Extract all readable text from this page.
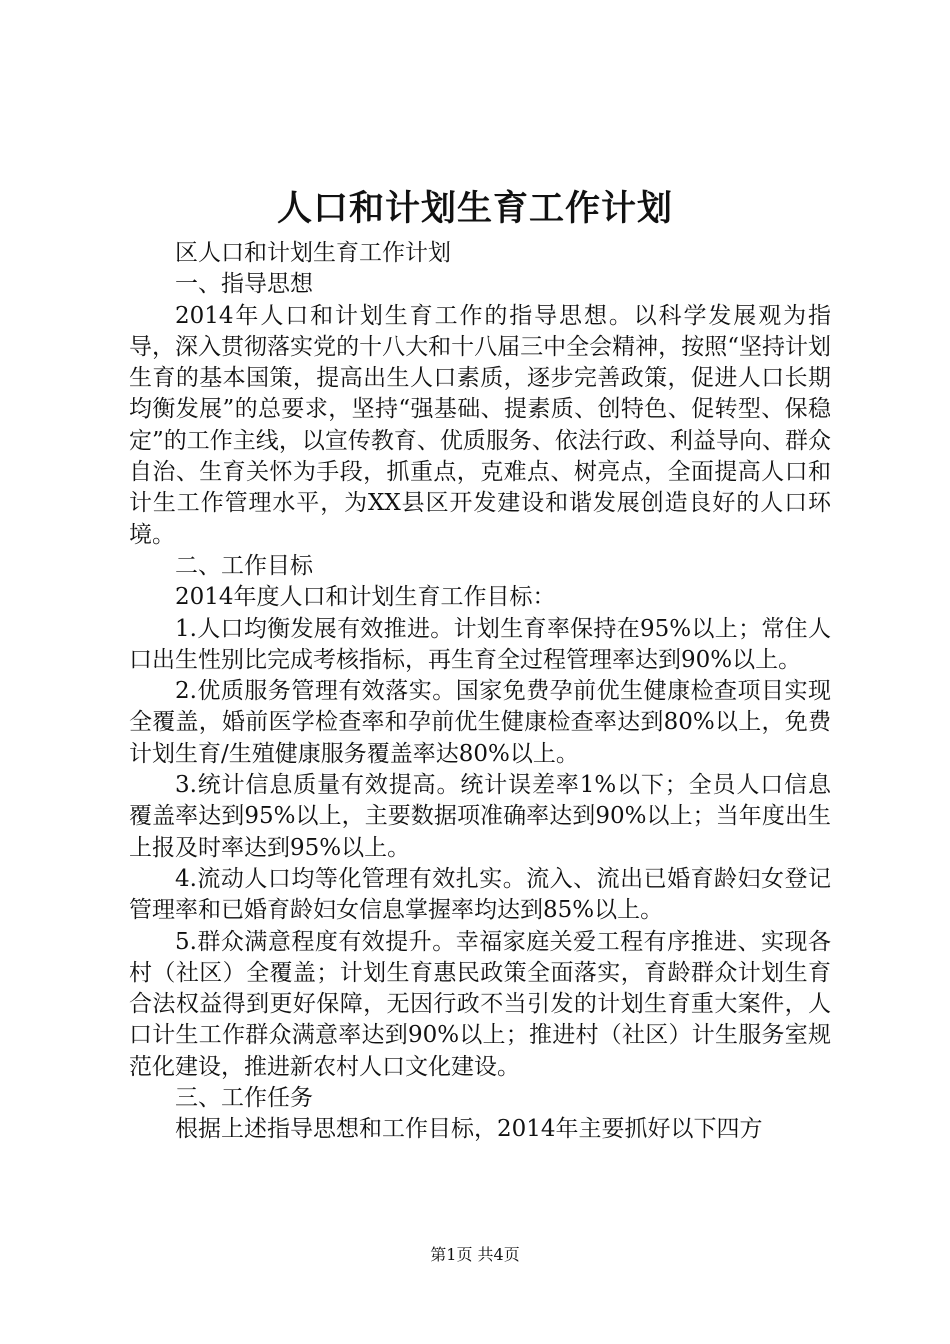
人口和计划生育工作计划

区人口和计划生育工作计划

一、指导思想

2014年人口和计划生育工作的指导思想。以科学发展观为指导，深入贯彻落实党的十八大和十八届三中全会精神，按照“坚持计划生育的基本国策，提高出生人口素质，逐步完善政策，促进人口长期均衡发展”的总要求，坚持“强基础、提素质、创特色、促转型、保稳定”的工作主线，以宣传教育、优质服务、依法行政、利益导向、群众自治、生育关怀为手段，抓重点，克难点、树亮点，全面提高人口和计生工作管理水平，为XX县区开发建设和谐发展创造良好的人口环境。

二、工作目标

2014年度人口和计划生育工作目标：

1.人口均衡发展有效推进。计划生育率保持在95%以上；常住人口出生性别比完成考核指标，再生育全过程管理率达到90%以上。

2.优质服务管理有效落实。国家免费孕前优生健康检查项目实现全覆盖，婚前医学检查率和孕前优生健康检查率达到80%以上，免费计划生育/生殖健康服务覆盖率达80%以上。

3.统计信息质量有效提高。统计误差率1%以下；全员人口信息覆盖率达到95%以上，主要数据项准确率达到90%以上；当年度出生上报及时率达到95%以上。

4.流动人口均等化管理有效扎实。流入、流出已婚育龄妇女登记管理率和已婚育龄妇女信息掌握率均达到85%以上。

5.群众满意程度有效提升。幸福家庭关爱工程有序推进、实现各村（社区）全覆盖；计划生育惠民政策全面落实，育龄群众计划生育合法权益得到更好保障，无因行政不当引发的计划生育重大案件，人口计生工作群众满意率达到90%以上；推进村（社区）计生服务室规范化建设，推进新农村人口文化建设。

三、工作任务

根据上述指导思想和工作目标，2014年主要抓好以下四方

第1页 共4页
